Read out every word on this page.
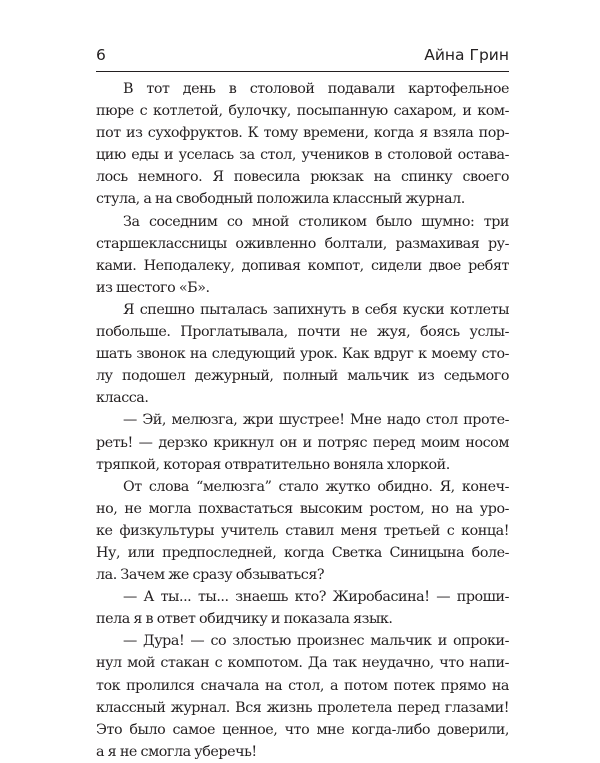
6	Айна Грин
В тот день в столовой подавали картофельное
пюре с котлетой, булочку, посыпанную сахаром, и ком-
пот из сухофруктов. К тому времени, когда я взяла пор-
цию еды и уселась за стол, учеников в столовой остава-
лось немного. Я повесила рюкзак на спинку своего
стула, а на свободный положила классный журнал.
За соседним со мной столиком было шумно: три
старшеклассницы оживленно болтали, размахивая ру-
ками. Неподалеку, допивая компот, сидели двое ребят
из шестого «Б».
Я спешно пыталась запихнуть в себя куски котлеты
побольше. Проглатывала, почти не жуя, боясь услы-
шать звонок на следующий урок. Как вдруг к моему сто-
лу подошел дежурный, полный мальчик из седьмого
класса.
— Эй, мелюзга, жри шустрее! Мне надо стол протe-
реть! — дерзко крикнул он и потряс перед моим носом
тряпкой, которая отвратительно воняла хлоркой.
От слова “мелюзга” стало жутко обидно. Я, конеч-
но, не могла похвастаться высоким ростом, но на уро-
ке физкультуры учитель ставил меня третьей с конца!
Ну, или предпоследней, когда Светка Синицына боле-
ла. Зачем же сразу обзываться?
— А ты... ты... знаешь кто? Жиробасина! — проши-
пела я в ответ обидчику и показала язык.
— Дура! — со злостью произнес мальчик и опроки-
нул мой стакан с компотом. Да так неудачно, что напи-
ток пролился сначала на стол, а потом потек прямо на
классный журнал. Вся жизнь пролетела перед глазами!
Это было самое ценное, что мне когда-либо доверили,
а я не смогла уберечь!
